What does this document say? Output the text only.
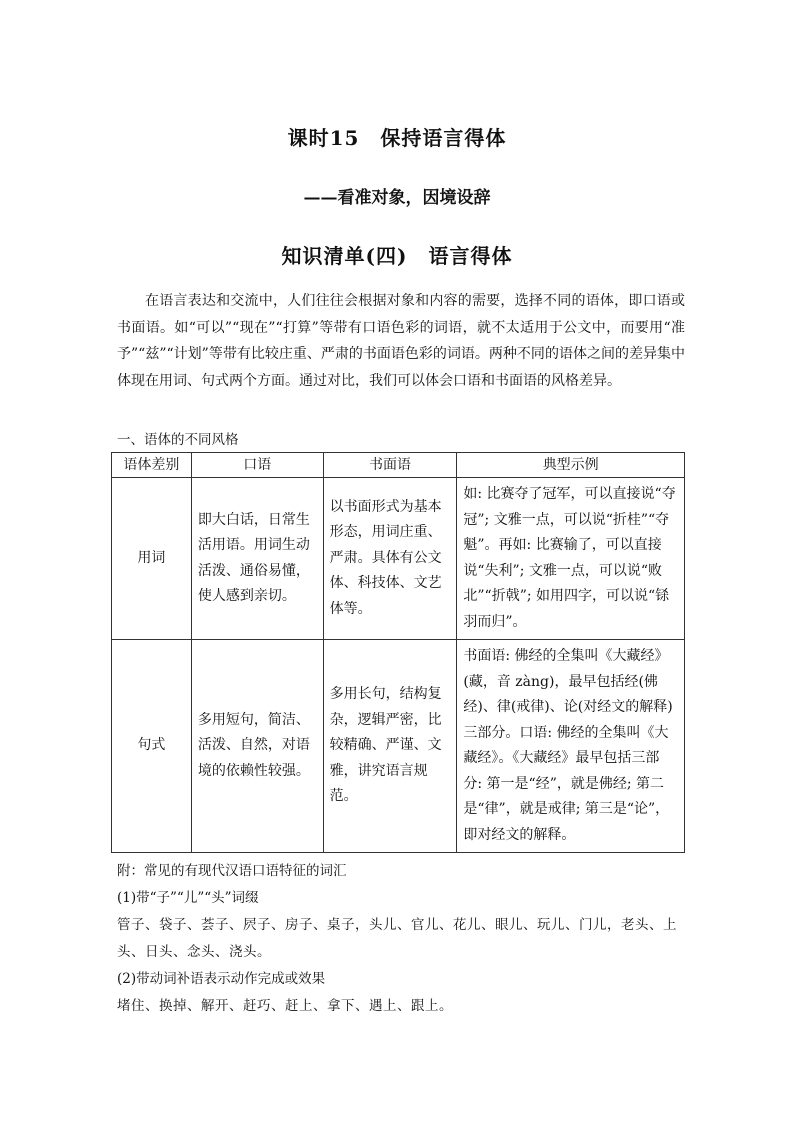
课时15　保持语言得体
——看准对象，因境设辞
知识清单(四)　语言得体
在语言表达和交流中，人们往往会根据对象和内容的需要，选择不同的语体，即口语或书面语。如“可以”“现在”“打算”等带有口语色彩的词语，就不太适用于公文中，而要用“准予”“兹”“计划”等带有比较庄重、严肃的书面语色彩的词语。两种不同的语体之间的差异集中体现在用词、句式两个方面。通过对比，我们可以体会口语和书面语的风格差异。
一、语体的不同风格
语体差别	口语	书面语	典型示例
用词	即大白话，日常生活用语。用词生动活泼、通俗易懂，使人感到亲切。	以书面形式为基本形态，用词庄重、严肃。具体有公文体、科技体、文艺体等。	如: 比赛夺了冠军，可以直接说“夺冠”; 文雅一点，可以说“折桂”“夺魁”。再如: 比赛输了，可以直接说“失利”; 文雅一点，可以说“败北”“折戟”; 如用四字，可以说“铩羽而归”。
句式	多用短句，简洁、活泼、自然，对语境的依赖性较强。	多用长句，结构复杂，逻辑严密，比较精确、严谨、文雅，讲究语言规范。	书面语: 佛经的全集叫《大藏经》(藏，音 zàng)，最早包括经(佛经)、律(戒律)、论(对经文的解释)三部分。口语: 佛经的全集叫《大藏经》。《大藏经》最早包括三部分: 第一是“经”，就是佛经; 第二是“律”，就是戒律; 第三是“论”，即对经文的解释。
附：常见的有现代汉语口语特征的词汇
(1)带“子”“儿”“头”词缀
管子、袋子、荟子、屄子、房子、桌子，头儿、官儿、花儿、眼儿、玩儿、门儿，老头、上头、日头、念头、浇头。
(2)带动词补语表示动作完成或效果
堵住、换掉、解开、赶巧、赶上、拿下、遇上、跟上。
